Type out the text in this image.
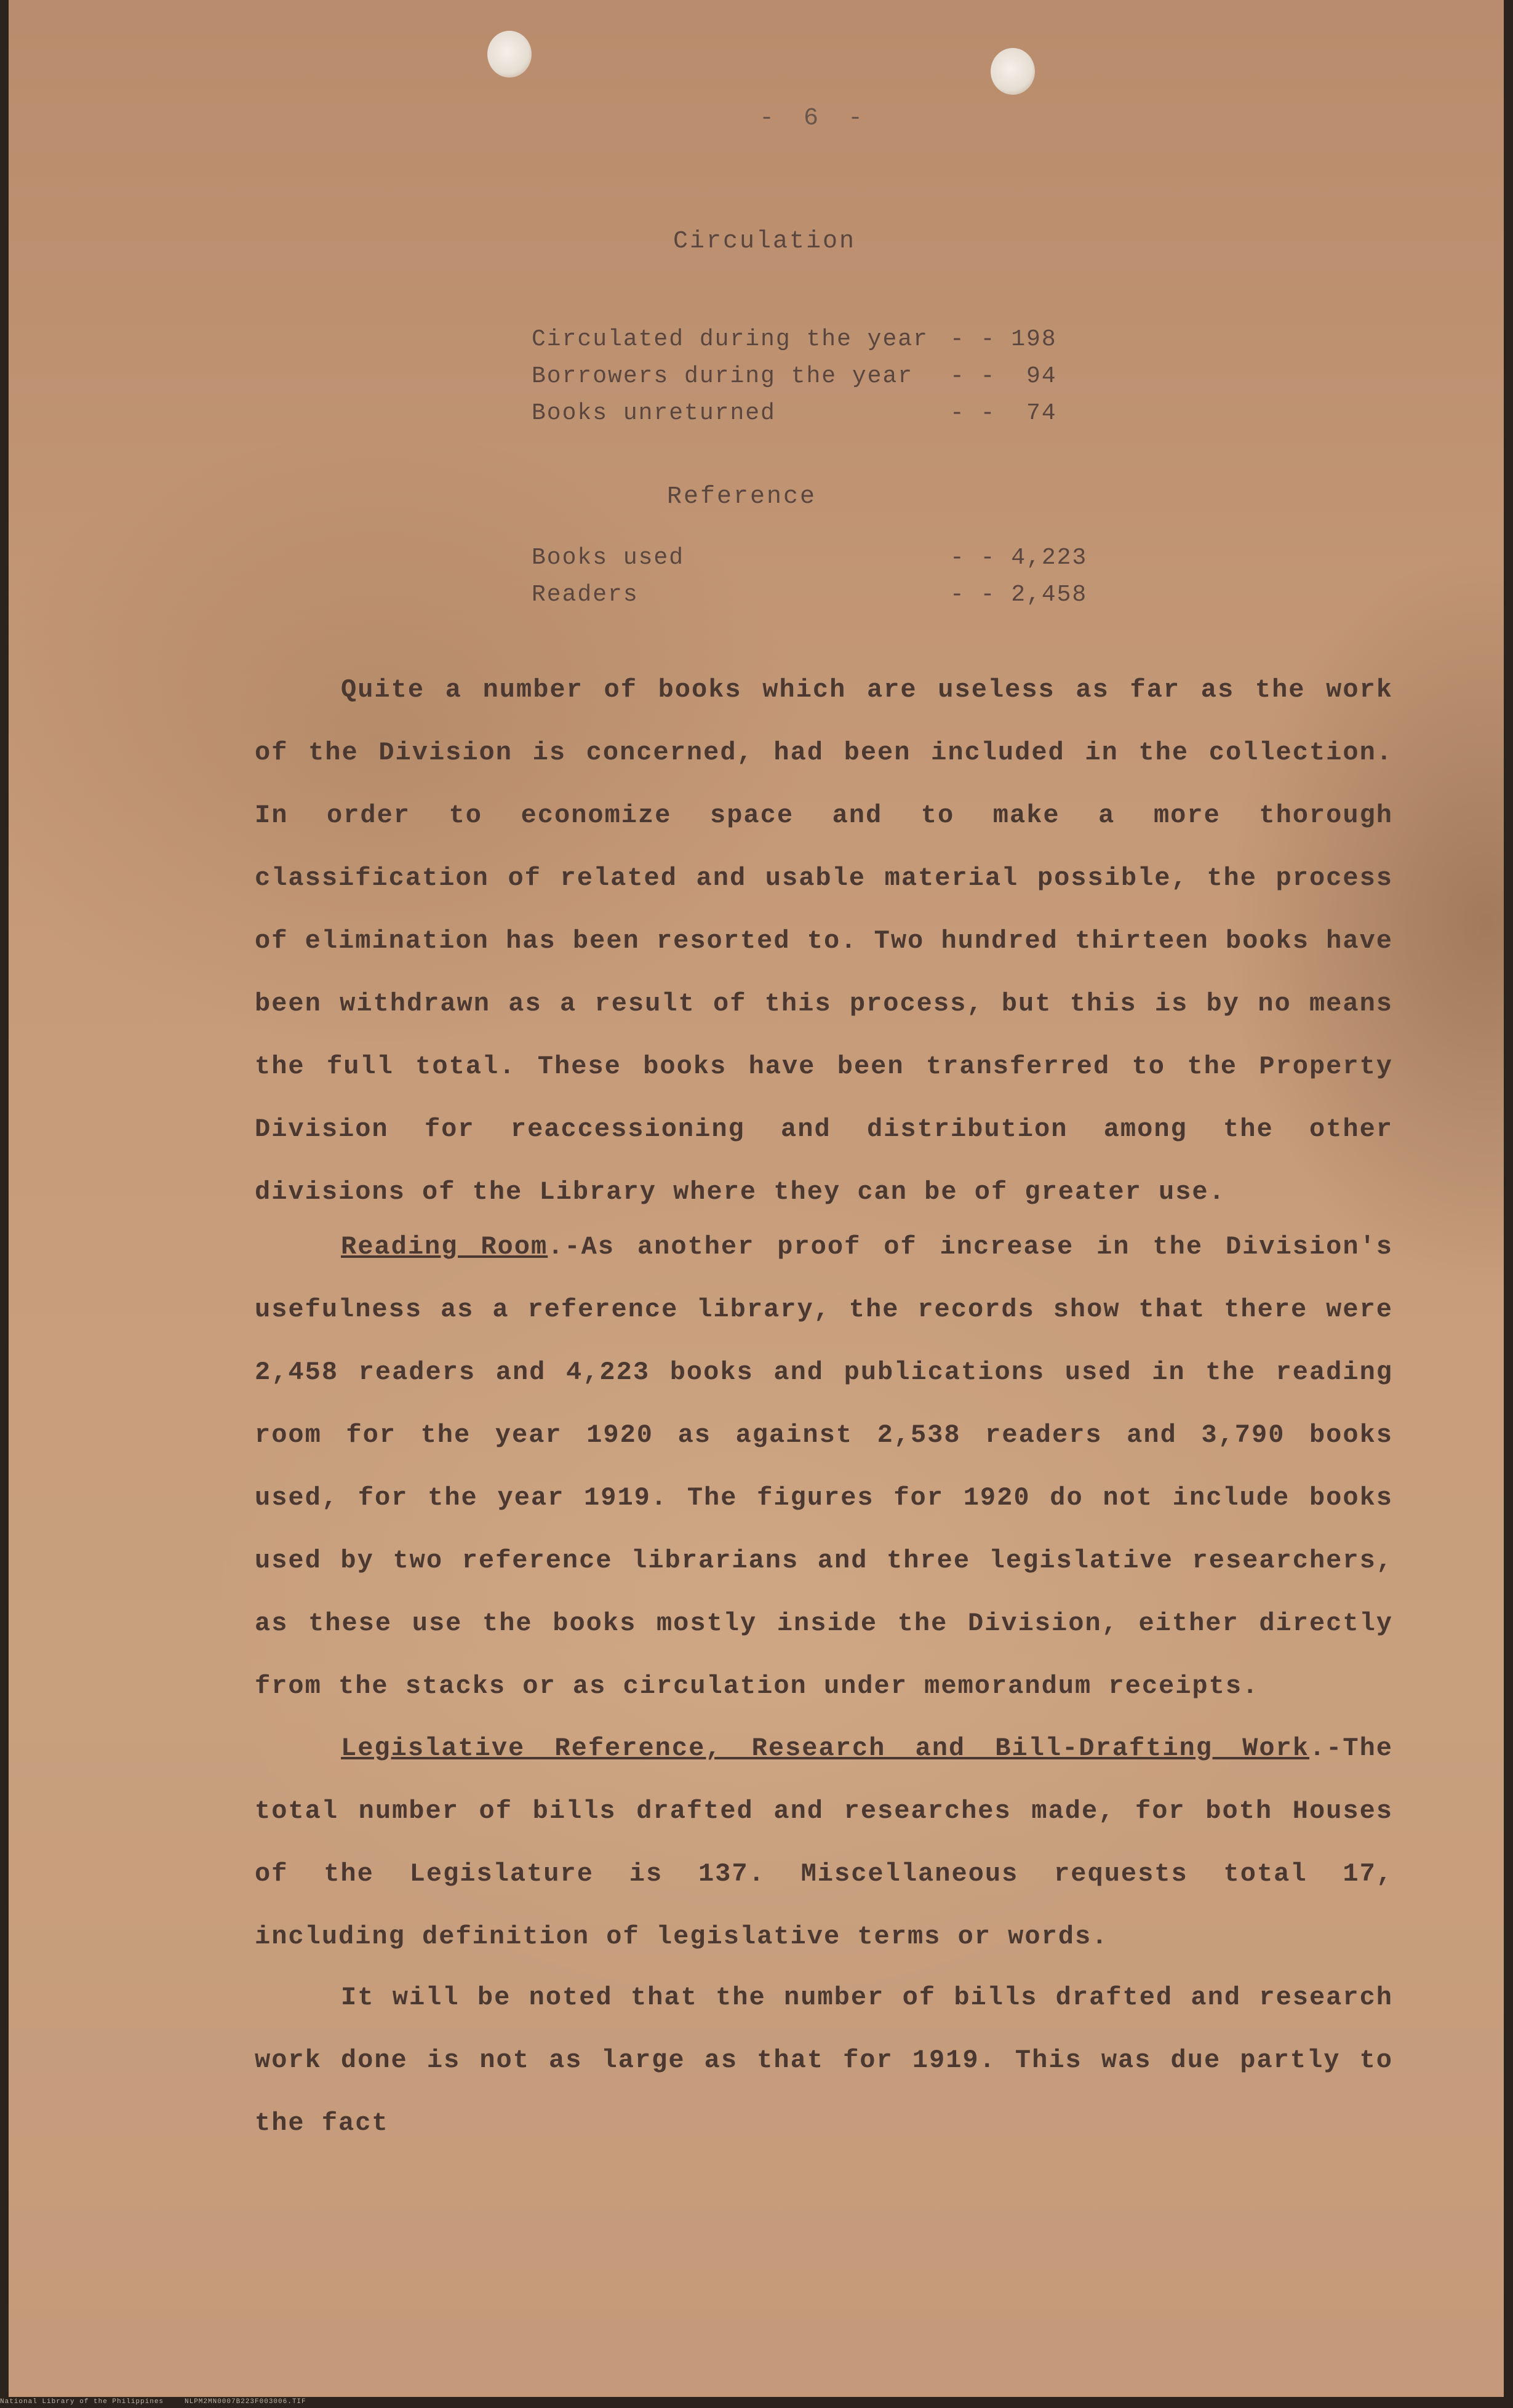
- 6 -
Circulation
Circulated during the year - - 198
Borrowers during the year - -  94
Books unreturned	- -  74
Reference
Books used	- - 4,223
Readers	- - 2,458
Quite a number of books which are useless as far as the work of the Division is concerned, had been included in the collection. In order to economize space and to make a more thorough classification of related and usable material possible, the process of elimination has been resorted to. Two hundred thirteen books have been withdrawn as a result of this process, but this is by no means the full total. These books have been transferred to the Property Division for reaccessioning and distribution among the other divisions of the Library where they can be of greater use.
Reading Room.-As another proof of increase in the Division's usefulness as a reference library, the records show that there were 2,458 readers and 4,223 books and publications used in the reading room for the year 1920 as against 2,538 readers and 3,790 books used, for the year 1919. The figures for 1920 do not include books used by two reference librarians and three legislative researchers, as these use the books mostly inside the Division, either directly from the stacks or as circulation under memorandum receipts.
Legislative Reference, Research and Bill-Drafting Work.-The total number of bills drafted and researches made, for both Houses of the Legislature is 137. Miscellaneous requests total 17, including definition of legislative terms or words.
It will be noted that the number of bills drafted and research work done is not as large as that for 1919. This was due partly to the fact
National Library of the Philippines	NLPM2MN0007B223F003006.TIF
